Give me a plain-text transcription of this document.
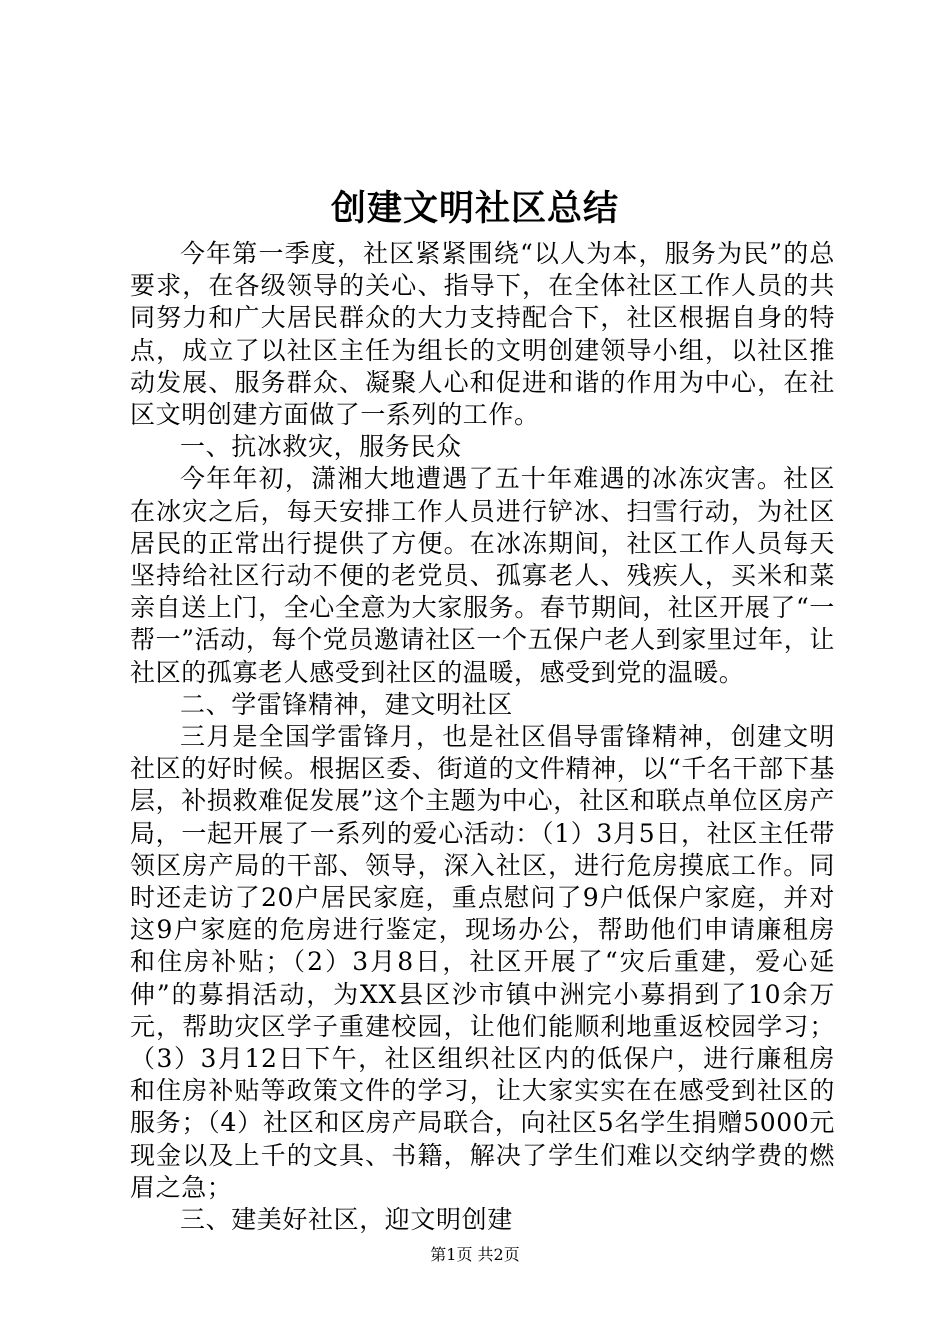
创建文明社区总结

今年第一季度，社区紧紧围绕“以人为本，服务为民”的总要求，在各级领导的关心、指导下，在全体社区工作人员的共同努力和广大居民群众的大力支持配合下，社区根据自身的特点，成立了以社区主任为组长的文明创建领导小组，以社区推动发展、服务群众、凝聚人心和促进和谐的作用为中心，在社区文明创建方面做了一系列的工作。

一、抗冰救灾，服务民众

今年年初，潇湘大地遭遇了五十年难遇的冰冻灾害。社区在冰灾之后，每天安排工作人员进行铲冰、扫雪行动，为社区居民的正常出行提供了方便。在冰冻期间，社区工作人员每天坚持给社区行动不便的老党员、孤寡老人、残疾人，买米和菜亲自送上门，全心全意为大家服务。春节期间，社区开展了“一帮一”活动，每个党员邀请社区一个五保户老人到家里过年，让社区的孤寡老人感受到社区的温暖，感受到党的温暖。

二、学雷锋精神，建文明社区

三月是全国学雷锋月，也是社区倡导雷锋精神，创建文明社区的好时候。根据区委、街道的文件精神，以“千名干部下基层，补损救难促发展”这个主题为中心，社区和联点单位区房产局，一起开展了一系列的爱心活动：（1）3月5日，社区主任带领区房产局的干部、领导，深入社区，进行危房摸底工作。同时还走访了20户居民家庭，重点慰问了9户低保户家庭，并对这9户家庭的危房进行鉴定，现场办公，帮助他们申请廉租房和住房补贴；（2）3月8日，社区开展了“灾后重建，爱心延伸”的募捐活动，为XX县区沙市镇中洲完小募捐到了10余万元，帮助灾区学子重建校园，让他们能顺利地重返校园学习；（3）3月12日下午，社区组织社区内的低保户，进行廉租房和住房补贴等政策文件的学习，让大家实实在在感受到社区的服务；（4）社区和区房产局联合，向社区5名学生捐赠5000元现金以及上千的文具、书籍，解决了学生们难以交纳学费的燃眉之急；

三、建美好社区，迎文明创建

第1页 共2页
